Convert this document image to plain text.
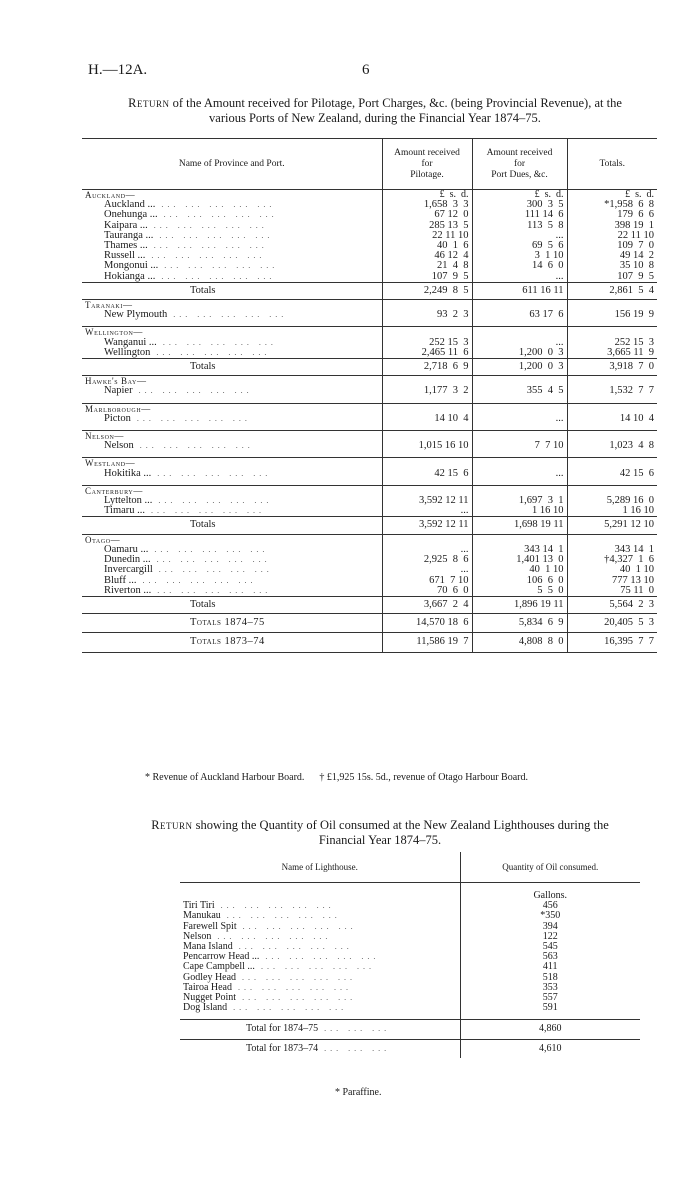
H.—12A.	6
Return of the Amount received for Pilotage, Port Charges, &c. (being Provincial Revenue), at the
various Ports of New Zealand, during the Financial Year 1874–75.
Name of Province and Port.	Amount received
for
Pilotage.	Amount received
for
Port Dues, &c.	Totals.
Auckland—	£  s.  d.	£  s.  d.	£  s.  d.
Auckland ... ... ... ... ... ...	1,658  3  3	300  3  5	*1,958  6  8
Onehunga ... ... ... ... ... ...	67 12  0	111 14  6	179  6  6
Kaipara ... ... ... ... ... ...	285 13  5	113  5  8	398 19  1
Tauranga ... ... ... ... ... ...	22 11 10	...	22 11 10
Thames ... ... ... ... ... ...	40  1  6	69  5  6	109  7  0
Russell ... ... ... ... ... ...	46 12  4	3  1 10	49 14  2
Mongonui ... ... ... ... ... ...	21  4  8	14  6  0	35 10  8
Hokianga ... ... ... ... ... ...	107  9  5	...	107  9  5
Totals	2,249  8  5	611 16 11	2,861  5  4
Taranaki—			
New Plymouth ... ... ... ... ...	93  2  3	63 17  6	156 19  9

Wellington—			
Wanganui ... ... ... ... ... ...	252 15  3	...	252 15  3
Wellington ... ... ... ... ...	2,465 11  6	1,200  0  3	3,665 11  9
Totals	2,718  6  9	1,200  0  3	3,918  7  0
Hawke's Bay—			
Napier ... ... ... ... ...	1,177  3  2	355  4  5	1,532  7  7

Marlborough—			
Picton ... ... ... ... ...	14 10  4	...	14 10  4

Nelson—			
Nelson ... ... ... ... ...	1,015 16 10	7  7 10	1,023  4  8

Westland—			
Hokitika ... ... ... ... ... ...	42 15  6	...	42 15  6

Canterbury—			
Lyttelton ... ... ... ... ... ...	3,592 12 11	1,697  3  1	5,289 16  0
Timaru ... ... ... ... ... ...	...	1 16 10	1 16 10
Totals	3,592 12 11	1,698 19 11	5,291 12 10
Otago—			
Oamaru ... ... ... ... ... ...	...	343 14  1	343 14  1
Dunedin ... ... ... ... ... ...	2,925  8  6	1,401 13  0	†4,327  1  6
Invercargill ... ... ... ... ...	...	40  1 10	40  1 10
Bluff ... ... ... ... ... ...	671  7 10	106  6  0	777 13 10
Riverton ... ... ... ... ... ...	70  6  0	5  5  0	75 11  0
Totals	3,667  2  4	1,896 19 11	5,564  2  3
Totals 1874–75	14,570 18  6	5,834  6  9	20,405  5  3
Totals 1873–74	11,586 19  7	4,808  8  0	16,395  7  7
* Revenue of Auckland Harbour Board.      † £1,925 15s. 5d., revenue of Otago Harbour Board.
Return showing the Quantity of Oil consumed at the New Zealand Lighthouses during the
Financial Year 1874–75.
Name of Lighthouse.	Quantity of Oil consumed.
	Gallons.
Tiri Tiri ... ... ... ... ...	456
Manukau ... ... ... ... ...	*350
Farewell Spit ... ... ... ... ...	394
Nelson ... ... ... ... ...	122
Mana Island ... ... ... ... ...	545
Pencarrow Head ... ... ... ... ... ...	563
Cape Campbell ... ... ... ... ... ...	411
Godley Head ... ... ... ... ...	518
Tairoa Head ... ... ... ... ...	353
Nugget Point ... ... ... ... ...	557
Dog Island ... ... ... ... ...	591

Total for 1874–75 ... ... ...	4,860
Total for 1873–74 ... ... ...	4,610
* Paraffine.
